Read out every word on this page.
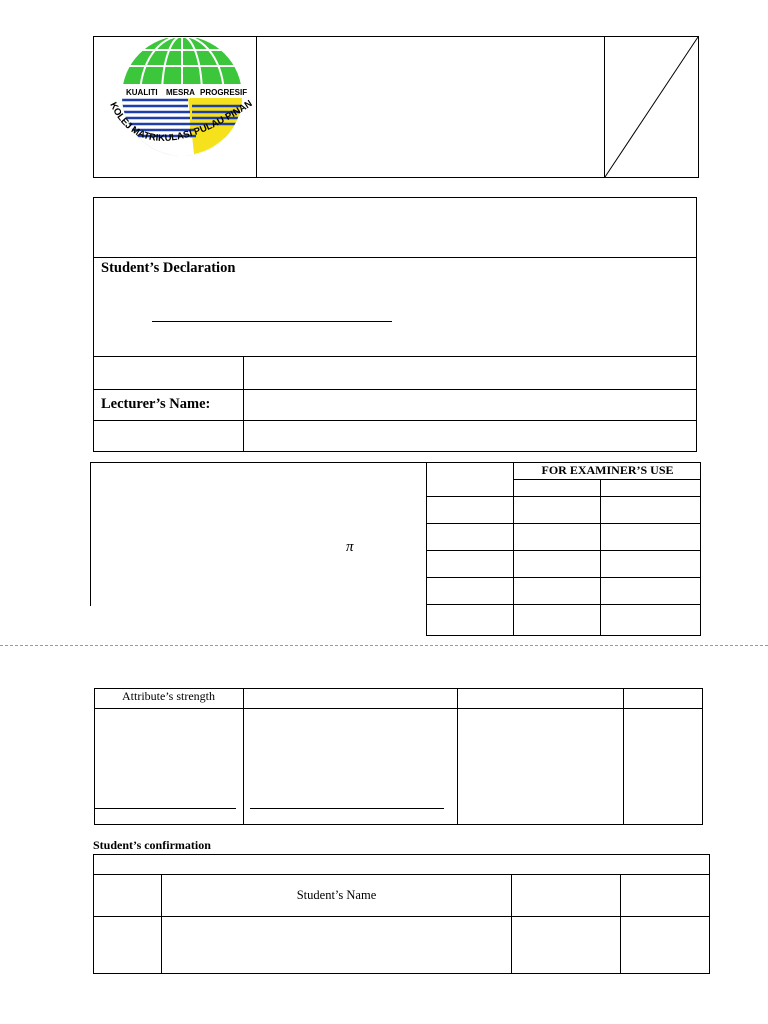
KUALITI MESRA PROGRESIF
KOLEJ MATRIKULASI PULAU PINAN
Student’s Declaration
Lecturer’s Name:
π
FOR EXAMINER’S USE
Attribute’s strength
Student’s confirmation
Student’s Name
